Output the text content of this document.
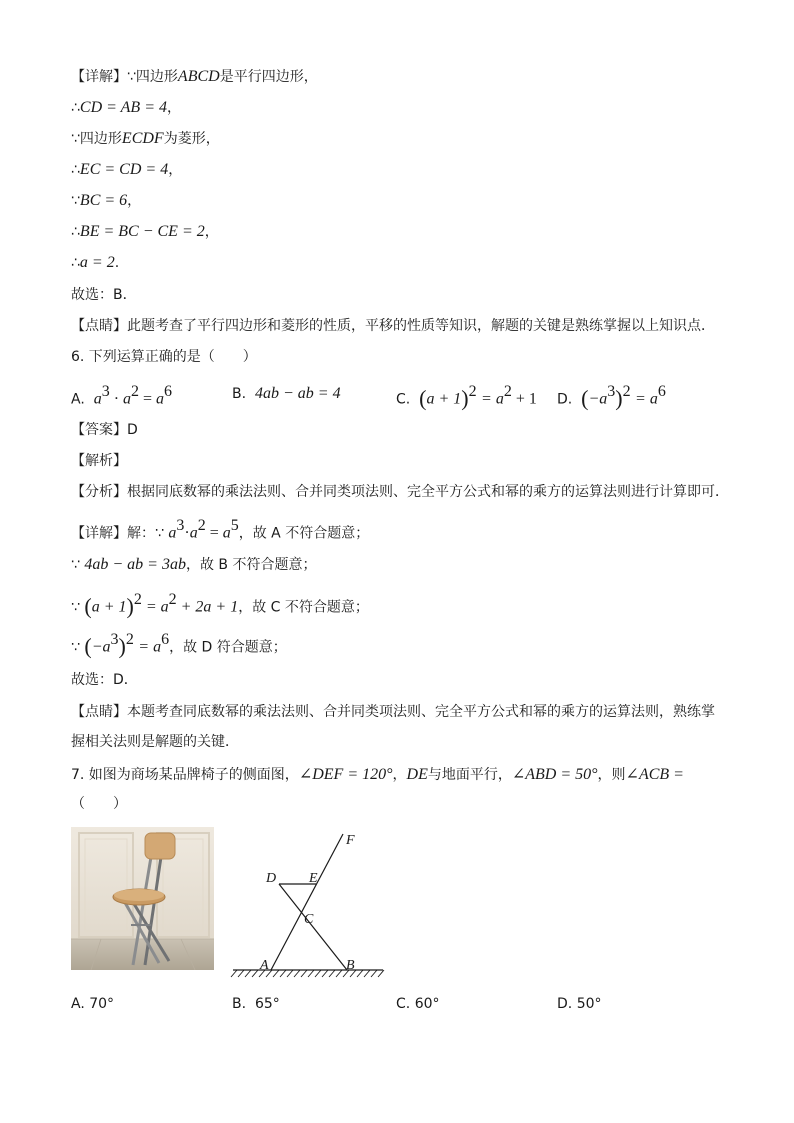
【详解】∵四边形ABCD是平行四边形，
∴CD = AB = 4，
∵四边形ECDF为菱形，
∴EC = CD = 4，
∵BC = 6，
∴BE = BC − CE = 2，
∴a = 2.
故选：B．
【点睛】此题考查了平行四边形和菱形的性质，平移的性质等知识，解题的关键是熟练掌握以上知识点．
6. 下列运算正确的是（　　）
A. $a^3 \cdot a^2 = a^6$	B. 4ab − ab = 4	C. $(a + 1)^2 = a^2 + 1$ D. $(-a^3)^2 = a^6$
【答案】D
【解析】
【分析】根据同底数幂的乘法法则、合并同类项法则、完全平方公式和幂的乘方的运算法则进行计算即可．
【详解】解：∵ $a^3\cdot a^2 = a^5$，故 A 不符合题意；
∵ 4ab − ab = 3ab，故 B 不符合题意；
∵ $(a + 1)^2 = a^2 + 2a + 1$，故 C 不符合题意；
∵ $(-a^3)^2 = a^6$，故 D 符合题意；
故选：D．
【点睛】本题考查同底数幂的乘法法则、合并同类项法则、完全平方公式和幂的乘方的运算法则，熟练掌
握相关法则是解题的关键．
7. 如图为商场某品牌椅子的侧面图，∠DEF = 120°，DE与地面平行，∠ABD = 50°，则∠ACB =
（　　）
F
D E
C
A	B
A. 70°	B. 65°	C. 60°	D. 50°
